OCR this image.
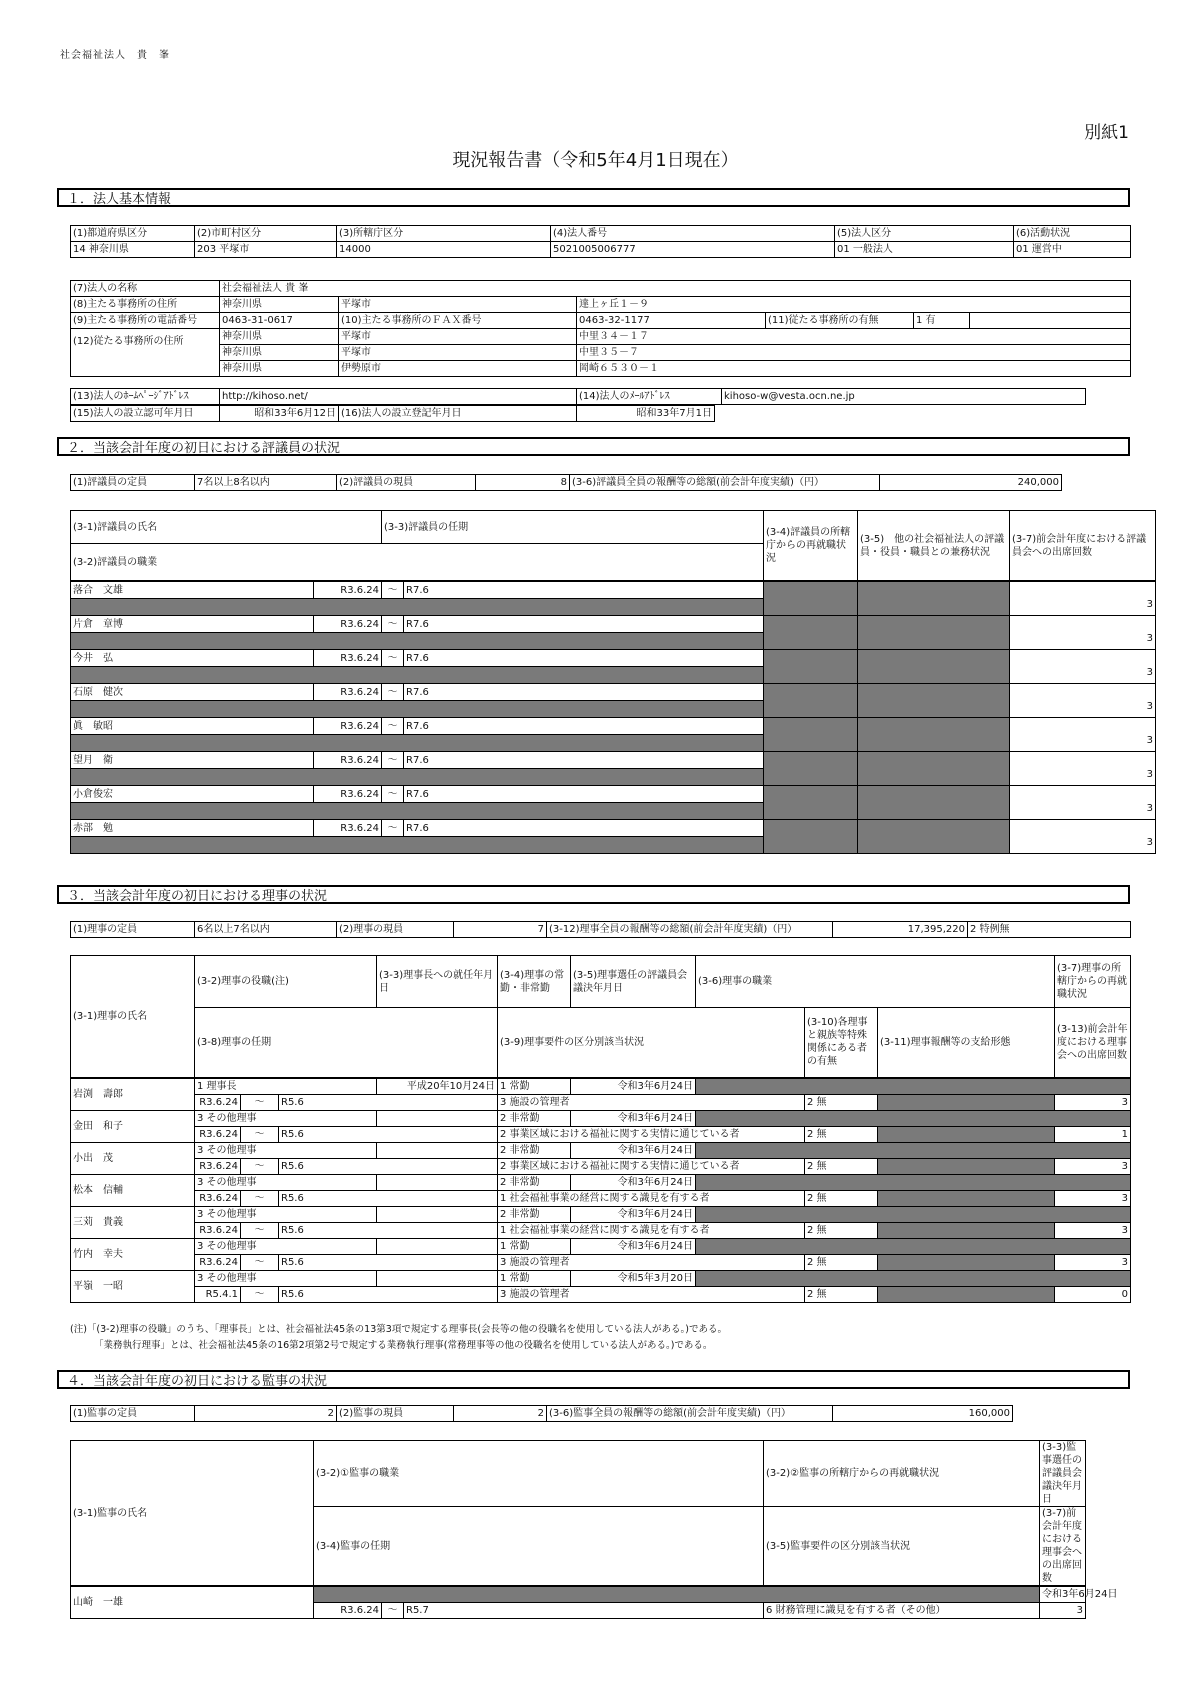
社会福祉法人　貴　峯
別紙1
現況報告書（令和5年4月1日現在）
１．法人基本情報
(1)都道府県区分	(2)市町村区分	(3)所轄庁区分	(4)法人番号	(5)法人区分	(6)活動状況
14 神奈川県	203 平塚市	14000	5021005006777	01 一般法人	01 運営中
(7)法人の名称	社会福祉法人 貴 峯					
(8)主たる事務所の住所	神奈川県	平塚市	達上ヶ丘１－９			
(9)主たる事務所の電話番号	0463-31-0617	(10)主たる事務所のＦＡＸ番号	0463-32-1177	(11)従たる事務所の有無	1 有	
(12)従たる事務所の住所	神奈川県	平塚市	中里３４－１７			
	神奈川県	平塚市	中里３５－７			
	神奈川県	伊勢原市	岡崎６５３０－１			
(13)法人のﾎｰﾑﾍﾟｰｼﾞｱﾄﾞﾚｽ	http://kihoso.net/	(14)法人のﾒｰﾙｱﾄﾞﾚｽ	kihoso-w@vesta.ocn.ne.jp
(15)法人の設立認可年月日	昭和33年6月12日	(16)法人の設立登記年月日	昭和33年7月1日
２．当該会計年度の初日における評議員の状況
(1)評議員の定員	7名以上8名以内	(2)評議員の現員	8	(3-6)評議員全員の報酬等の総額(前会計年度実績)（円）	240,000
(3-1)評議員の氏名		(3-3)評議員の任期		(3-4)評議員の所轄庁からの再就職状況	(3-5)　他の社会福祉法人の評議員・役員・職員との兼務状況	(3-7)前会計年度における評議員会への出席回数
(3-2)評議員の職業						
落合　文雄	R3.6.24	～	R7.6			3

片倉　章博	R3.6.24	～	R7.6			3

今井　弘	R3.6.24	～	R7.6			3

石原　健次	R3.6.24	～	R7.6			3

眞　敏昭	R3.6.24	～	R7.6			3

望月　衛	R3.6.24	～	R7.6			3

小倉俊宏	R3.6.24	～	R7.6			3

赤部　勉	R3.6.24	～	R7.6			3

３．当該会計年度の初日における理事の状況
(1)理事の定員	6名以上7名以内	(2)理事の現員	7	(3-12)理事全員の報酬等の総額(前会計年度実績)（円）	17,395,220	2 特例無
(3-1)理事の氏名	(3-2)理事の役職(注)			(3-3)理事長への就任年月日	(3-4)理事の常勤・非常勤	(3-5)理事選任の評議員会議決年月日	(3-6)理事の職業			(3-7)理事の所轄庁からの再就職状況
	(3-8)理事の任期				(3-9)理事要件の区分別該当状況			(3-10)各理事と親族等特殊関係にある者の有無	(3-11)理事報酬等の支給形態	(3-13)前会計年度における理事会への出席回数
岩渕　壽郎	1 理事長			平成20年10月24日	1 常勤	令和3年6月24日				
	R3.6.24	～	R5.6		3 施設の管理者			2 無		3
金田　和子	3 その他理事				2 非常勤	令和3年6月24日				
	R3.6.24	～	R5.6		2 事業区域における福祉に関する実情に通じている者			2 無		1
小出　茂	3 その他理事				2 非常勤	令和3年6月24日				
	R3.6.24	～	R5.6		2 事業区域における福祉に関する実情に通じている者			2 無		3
松本　信輔	3 その他理事				2 非常勤	令和3年6月24日				
	R3.6.24	～	R5.6		1 社会福祉事業の経営に関する識見を有する者			2 無		3
三苅　貴義	3 その他理事				2 非常勤	令和3年6月24日				
	R3.6.24	～	R5.6		1 社会福祉事業の経営に関する識見を有する者			2 無		3
竹内　幸夫	3 その他理事				1 常勤	令和3年6月24日				
	R3.6.24	～	R5.6		3 施設の管理者			2 無		3
平嶺　一昭	3 その他理事				1 常勤	令和5年3月20日				
	R5.4.1	～	R5.6		3 施設の管理者			2 無		0
(注)「(3-2)理事の役職」のうち、「理事長」とは、社会福祉法45条の13第3項で規定する理事長(会長等の他の役職名を使用している法人がある。)である。
「業務執行理事」とは、社会福祉法45条の16第2項第2号で規定する業務執行理事(常務理事等の他の役職名を使用している法人がある。)である。
４．当該会計年度の初日における監事の状況
(1)監事の定員	2	(2)監事の現員	2	(3-6)監事全員の報酬等の総額(前会計年度実績)（円）	160,000
(3-1)監事の氏名	(3-2)①監事の職業			(3-2)②監事の所轄庁からの再就職状況	(3-3)監事選任の評議員会議決年月日
	(3-4)監事の任期			(3-5)監事要件の区分別該当状況	(3-7)前会計年度における理事会への出席回数
山崎　一雄					令和3年6月24日
	R3.6.24	～	R5.7	6 財務管理に識見を有する者（その他）	3
